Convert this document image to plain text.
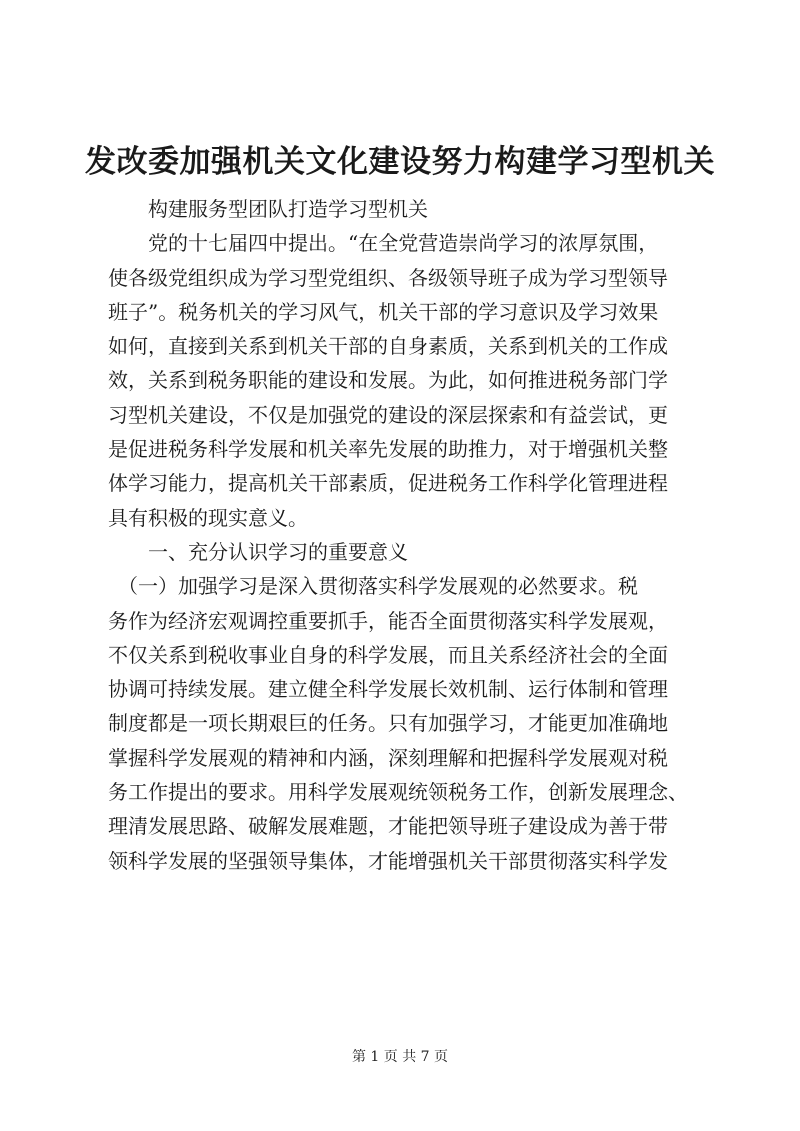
发改委加强机关文化建设努力构建学习型机关
　　构建服务型团队打造学习型机关
　　党的十七届四中提出。“在全党营造崇尚学习的浓厚氛围，
使各级党组织成为学习型党组织、各级领导班子成为学习型领导
班子”。税务机关的学习风气，机关干部的学习意识及学习效果
如何，直接到关系到机关干部的自身素质，关系到机关的工作成
效，关系到税务职能的建设和发展。为此，如何推进税务部门学
习型机关建设，不仅是加强党的建设的深层探索和有益尝试，更
是促进税务科学发展和机关率先发展的助推力，对于增强机关整
体学习能力，提高机关干部素质，促进税务工作科学化管理进程
具有积极的现实意义。
　　一、充分认识学习的重要意义
　（一）加强学习是深入贯彻落实科学发展观的必然要求。税
务作为经济宏观调控重要抓手，能否全面贯彻落实科学发展观，
不仅关系到税收事业自身的科学发展，而且关系经济社会的全面
协调可持续发展。建立健全科学发展长效机制、运行体制和管理
制度都是一项长期艰巨的任务。只有加强学习，才能更加准确地
掌握科学发展观的精神和内涵，深刻理解和把握科学发展观对税
务工作提出的要求。用科学发展观统领税务工作，创新发展理念、
理清发展思路、破解发展难题，才能把领导班子建设成为善于带
领科学发展的坚强领导集体，才能增强机关干部贯彻落实科学发
第 1 页 共 7 页
